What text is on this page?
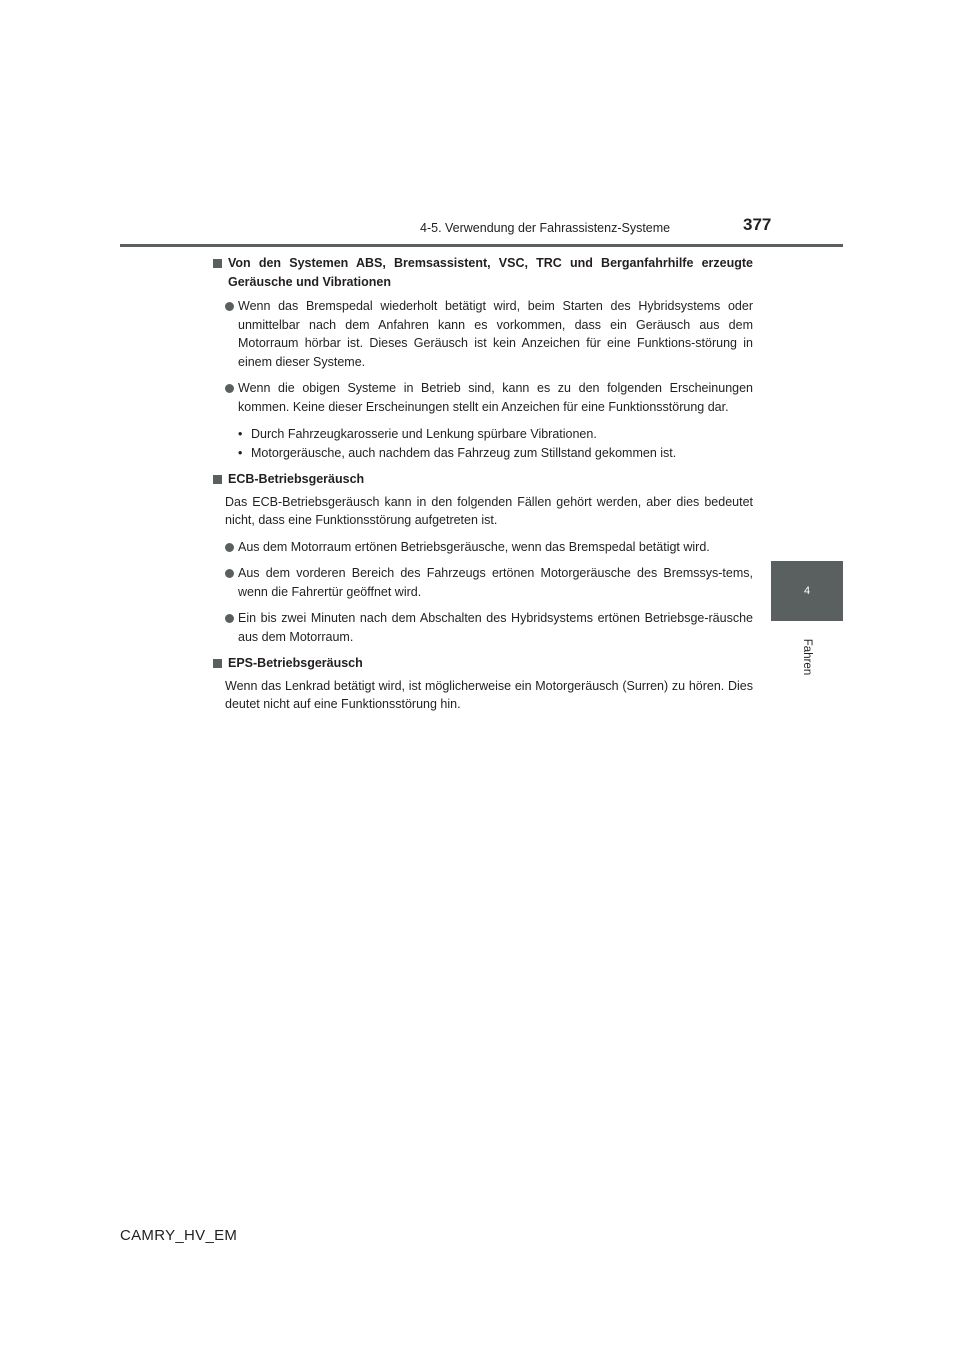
4-5. Verwendung der Fahrassistenz-Systeme	377
4
Fahren
Von den Systemen ABS, Bremsassistent, VSC, TRC und Berganfahrhilfe erzeugte Geräusche und Vibrationen
Wenn das Bremspedal wiederholt betätigt wird, beim Starten des Hybridsystems oder unmittelbar nach dem Anfahren kann es vorkommen, dass ein Geräusch aus dem Motorraum hörbar ist. Dieses Geräusch ist kein Anzeichen für eine Funktions-störung in einem dieser Systeme.
Wenn die obigen Systeme in Betrieb sind, kann es zu den folgenden Erscheinungen kommen. Keine dieser Erscheinungen stellt ein Anzeichen für eine Funktionsstörung dar.
• Durch Fahrzeugkarosserie und Lenkung spürbare Vibrationen.
• Motorgeräusche, auch nachdem das Fahrzeug zum Stillstand gekommen ist.
ECB-Betriebsgeräusch
Das ECB-Betriebsgeräusch kann in den folgenden Fällen gehört werden, aber dies bedeutet nicht, dass eine Funktionsstörung aufgetreten ist.
Aus dem Motorraum ertönen Betriebsgeräusche, wenn das Bremspedal betätigt wird.
Aus dem vorderen Bereich des Fahrzeugs ertönen Motorgeräusche des Bremssys-tems, wenn die Fahrertür geöffnet wird.
Ein bis zwei Minuten nach dem Abschalten des Hybridsystems ertönen Betriebsge-räusche aus dem Motorraum.
EPS-Betriebsgeräusch
Wenn das Lenkrad betätigt wird, ist möglicherweise ein Motorgeräusch (Surren) zu hören. Dies deutet nicht auf eine Funktionsstörung hin.
CAMRY_HV_EM
